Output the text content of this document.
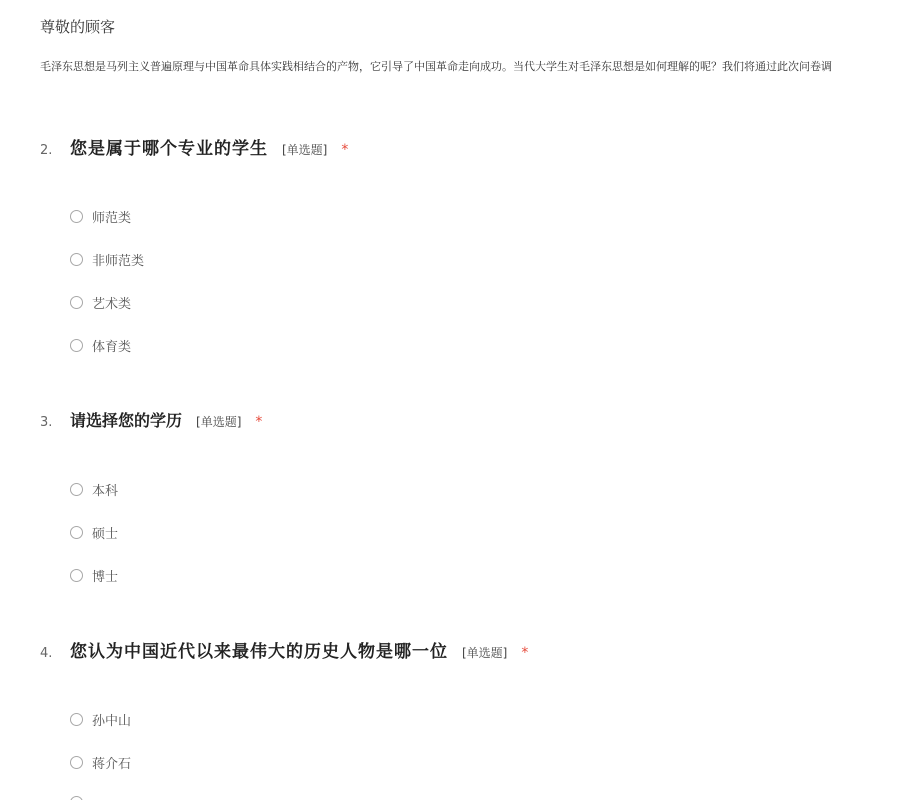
尊敬的顾客
毛泽东思想是马列主义普遍原理与中国革命具体实践相结合的产物，它引导了中国革命走向成功。当代大学生对毛泽东思想是如何理解的呢？我们将通过此次问卷调
2.	您是属于哪个专业的学生 [单选题] *
师范类
非师范类
艺术类
体育类
3.	请选择您的学历 [单选题] *
本科
硕士
博士
4.	您认为中国近代以来最伟大的历史人物是哪一位 [单选题] *
孙中山
蒋介石
